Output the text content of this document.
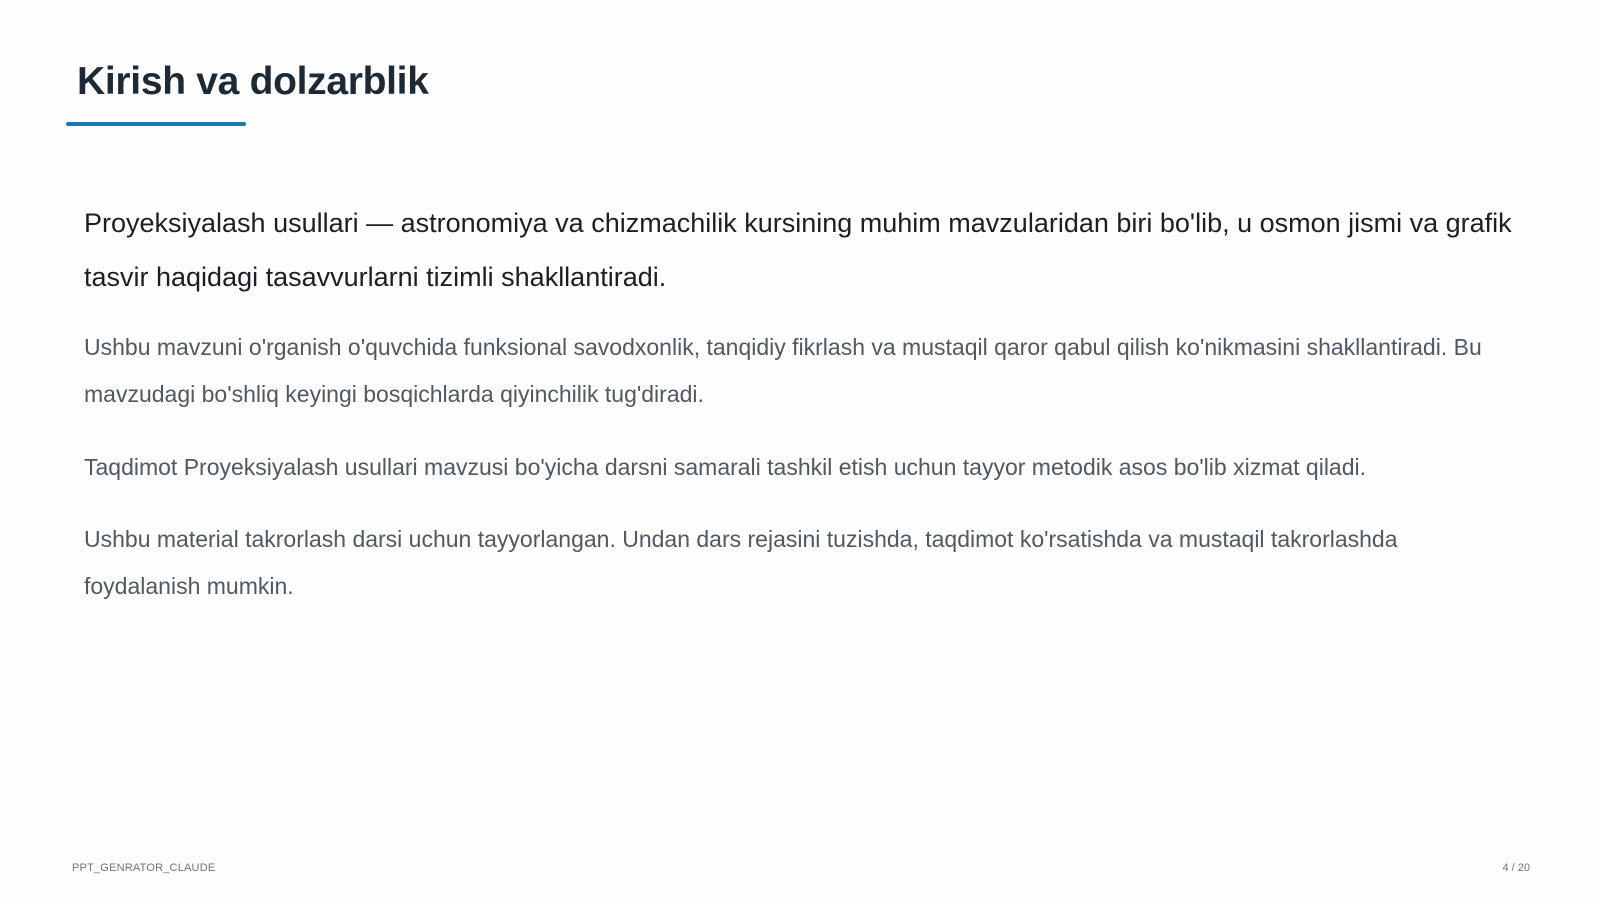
Kirish va dolzarblik

Proyeksiyalash usullari — astronomiya va chizmachilik kursining muhim mavzularidan biri bo'lib, u osmon jismi va grafik tasvir haqidagi tasavvurlarni tizimli shakllantiradi.

Ushbu mavzuni o'rganish o'quvchida funksional savodxonlik, tanqidiy fikrlash va mustaqil qaror qabul qilish ko'nikmasini shakllantiradi. Bu mavzudagi bo'shliq keyingi bosqichlarda qiyinchilik tug'diradi.

Taqdimot Proyeksiyalash usullari mavzusi bo'yicha darsni samarali tashkil etish uchun tayyor metodik asos bo'lib xizmat qiladi.

Ushbu material takrorlash darsi uchun tayyorlangan. Undan dars rejasini tuzishda, taqdimot ko'rsatishda va mustaqil takrorlashda foydalanish mumkin.

PPT_GENRATOR_CLAUDE	4 / 20
